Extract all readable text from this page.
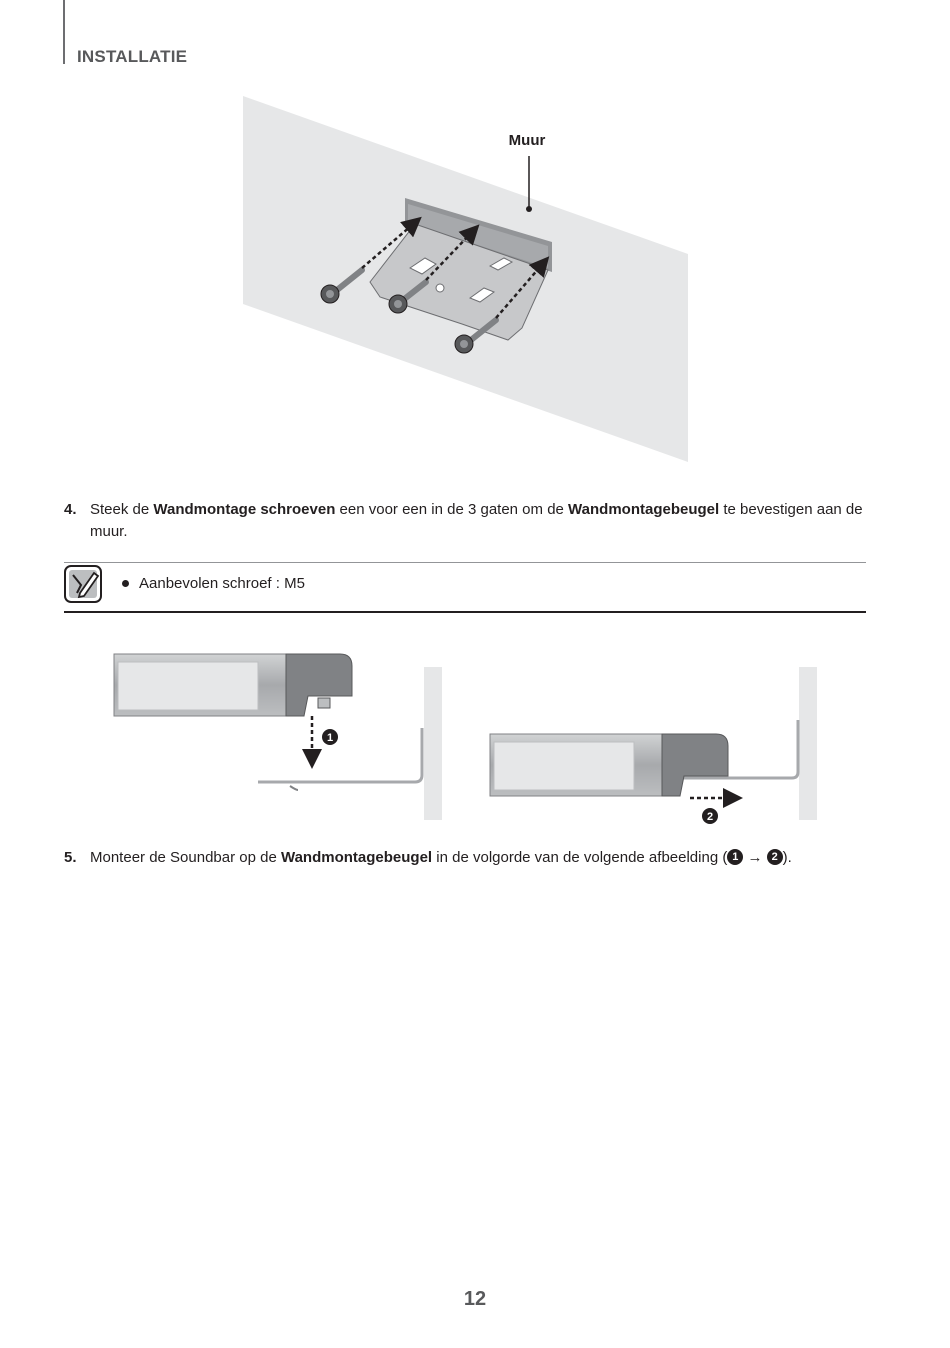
INSTALLATIE
Muur
4. Steek de Wandmontage schroeven een voor een in de 3 gaten om de Wandmontagebeugel te bevestigen aan de muur.
Aanbevolen schroef : M5
1
2
5. Monteer de Soundbar op de Wandmontagebeugel in de volgorde van de volgende afbeelding ( 1 → 2 ).
12
